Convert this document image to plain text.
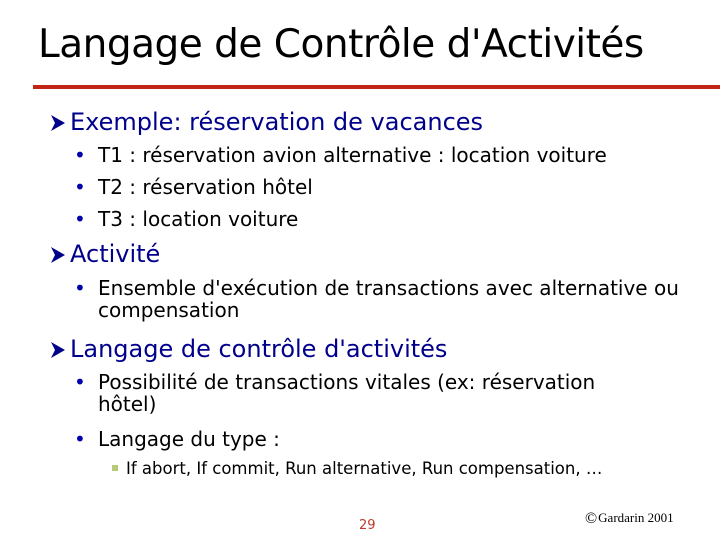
Langage de Contrôle d'Activités
Exemple: réservation de vacances
• T1 : réservation avion alternative : location voiture
• T2 : réservation hôtel
• T3 : location voiture
Activité
• Ensemble d'exécution de transactions avec alternative ou compensation
Langage de contrôle d'activités
• Possibilité de transactions vitales (ex: réservation hôtel)
• Langage du type :
If abort, If commit, Run alternative, Run compensation, …
29	©Gardarin 2001
